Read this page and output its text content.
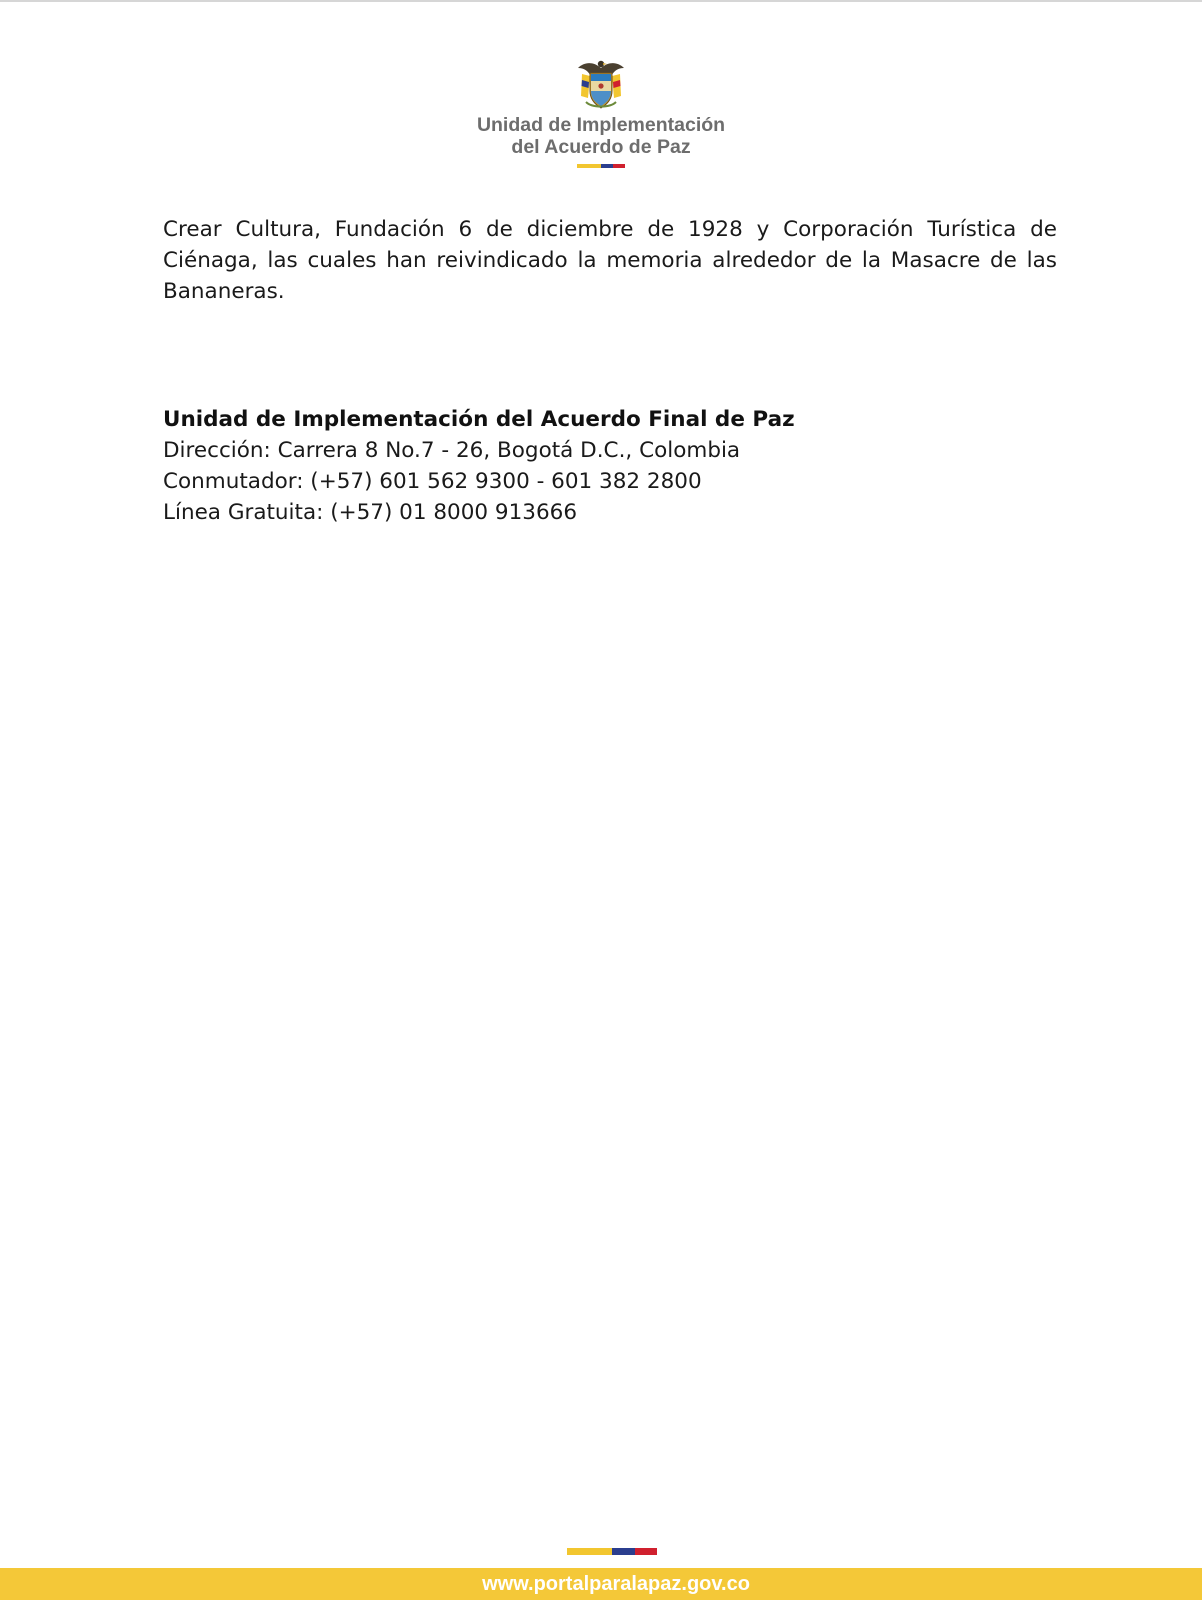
Unidad de Implementación
del Acuerdo de Paz

Crear Cultura, Fundación 6 de diciembre de 1928 y Corporación Turística de Ciénaga, las cuales han reivindicado la memoria alrededor de la Masacre de las Bananeras.

Unidad de Implementación del Acuerdo Final de Paz
Dirección: Carrera 8 No.7 - 26, Bogotá D.C., Colombia
Conmutador: (+57) 601 562 9300 - 601 382 2800
Línea Gratuita: (+57) 01 8000 913666
www.portalparalapaz.gov.co
